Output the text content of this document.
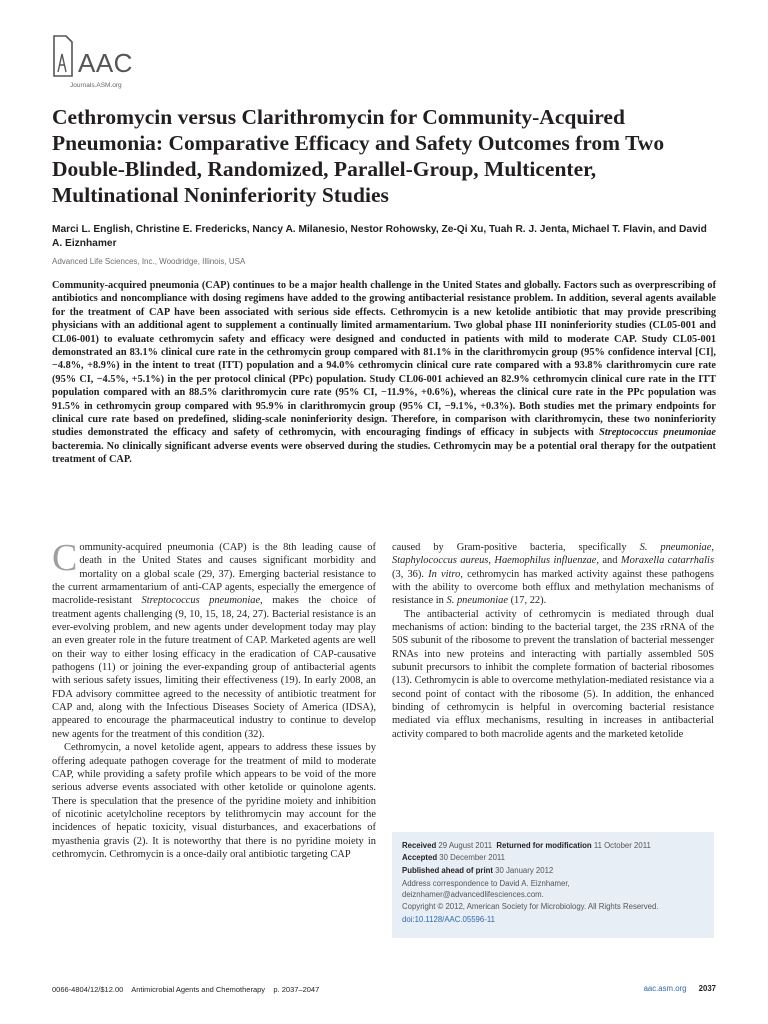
AAC
Journals.ASM.org
Cethromycin versus Clarithromycin for Community-Acquired
Pneumonia: Comparative Efficacy and Safety Outcomes from Two
Double-Blinded, Randomized, Parallel-Group, Multicenter,
Multinational Noninferiority Studies
Marci L. English, Christine E. Fredericks, Nancy A. Milanesio, Nestor Rohowsky, Ze-Qi Xu, Tuah R. J. Jenta, Michael T. Flavin, and David A. Eiznhamer
Advanced Life Sciences, Inc., Woodridge, Illinois, USA
Community-acquired pneumonia (CAP) continues to be a major health challenge in the United States and globally. Factors such as overprescribing of antibiotics and noncompliance with dosing regimens have added to the growing antibacterial resistance problem. In addition, several agents available for the treatment of CAP have been associated with serious side effects. Cethromycin is a new ketolide antibiotic that may provide prescribing physicians with an additional agent to supplement a continually limited armamentarium. Two global phase III noninferiority studies (CL05-001 and CL06-001) to evaluate cethromycin safety and efficacy were designed and conducted in patients with mild to moderate CAP. Study CL05-001 demonstrated an 83.1% clinical cure rate in the cethromycin group compared with 81.1% in the clarithromycin group (95% confidence interval [CI], −4.8%, +8.9%) in the intent to treat (ITT) population and a 94.0% cethromycin clinical cure rate compared with a 93.8% clarithromycin cure rate (95% CI, −4.5%, +5.1%) in the per protocol clinical (PPc) population. Study CL06-001 achieved an 82.9% cethromycin clinical cure rate in the ITT population compared with an 88.5% clarithromycin cure rate (95% CI, −11.9%, +0.6%), whereas the clinical cure rate in the PPc population was 91.5% in cethromycin group compared with 95.9% in clarithromycin group (95% CI, −9.1%, +0.3%). Both studies met the primary endpoints for clinical cure rate based on predefined, sliding-scale noninferiority design. Therefore, in comparison with clarithromycin, these two noninferiority studies demonstrated the efficacy and safety of cethromycin, with encouraging findings of efficacy in subjects with Streptococcus pneumoniae bacteremia. No clinically significant adverse events were observed during the studies. Cethromycin may be a potential oral therapy for the outpatient treatment of CAP.

Community-acquired pneumonia (CAP) is the 8th leading cause of death in the United States and causes significant morbidity and mortality on a global scale (29, 37). Emerging bacterial resistance to the current armamentarium of anti-CAP agents, especially the emergence of macrolide-resistant Streptococcus pneumoniae, makes the choice of treatment agents challenging (9, 10, 15, 18, 24, 27). Bacterial resistance is an ever-evolving problem, and new agents under development today may play an even greater role in the future treatment of CAP. Marketed agents are well on their way to either losing efficacy in the eradication of CAP-causative pathogens (11) or joining the ever-expanding group of antibacterial agents with serious safety issues, limiting their effectiveness (19). In early 2008, an FDA advisory committee agreed to the necessity of antibiotic treatment for CAP and, along with the Infectious Diseases Society of America (IDSA), appeared to encourage the pharmaceutical industry to continue to develop new agents for the treatment of this condition (32).

Cethromycin, a novel ketolide agent, appears to address these issues by offering adequate pathogen coverage for the treatment of mild to moderate CAP, while providing a safety profile which appears to be void of the more serious adverse events associated with other ketolide or quinolone agents. There is speculation that the presence of the pyridine moiety and inhibition of nicotinic acetylcholine receptors by telithromycin may account for the incidences of hepatic toxicity, visual disturbances, and exacerbations of myasthenia gravis (2). It is noteworthy that there is no pyridine moiety in cethromycin. Cethromycin is a once-daily oral antibiotic targeting CAP

caused by Gram-positive bacteria, specifically S. pneumoniae, Staphylococcus aureus, Haemophilus influenzae, and Moraxella catarrhalis (3, 36). In vitro, cethromycin has marked activity against these pathogens with the ability to overcome both efflux and methylation mechanisms of resistance in S. pneumoniae (17, 22).

The antibacterial activity of cethromycin is mediated through dual mechanisms of action: binding to the bacterial target, the 23S rRNA of the 50S subunit of the ribosome to prevent the translation of bacterial messenger RNAs into new proteins and interacting with partially assembled 50S subunit precursors to inhibit the complete formation of bacterial ribosomes (13). Cethromycin is able to overcome methylation-mediated resistance via a second point of contact with the ribosome (5). In addition, the enhanced binding of cethromycin is helpful in overcoming bacterial resistance mediated via efflux mechanisms, resulting in increases in antibacterial activity compared to both macrolide agents and the marketed ketolide

Received 29 August 2011 Returned for modification 11 October 2011
Accepted 30 December 2011
Published ahead of print 30 January 2012
Address correspondence to David A. Eiznhamer, deiznhamer@advancedlifesciences.com.
Copyright © 2012, American Society for Microbiology. All Rights Reserved.
doi:10.1128/AAC.05596-11
0066-4804/12/$12.00    Antimicrobial Agents and Chemotherapy    p. 2037–2047	aac.asm.org 2037
